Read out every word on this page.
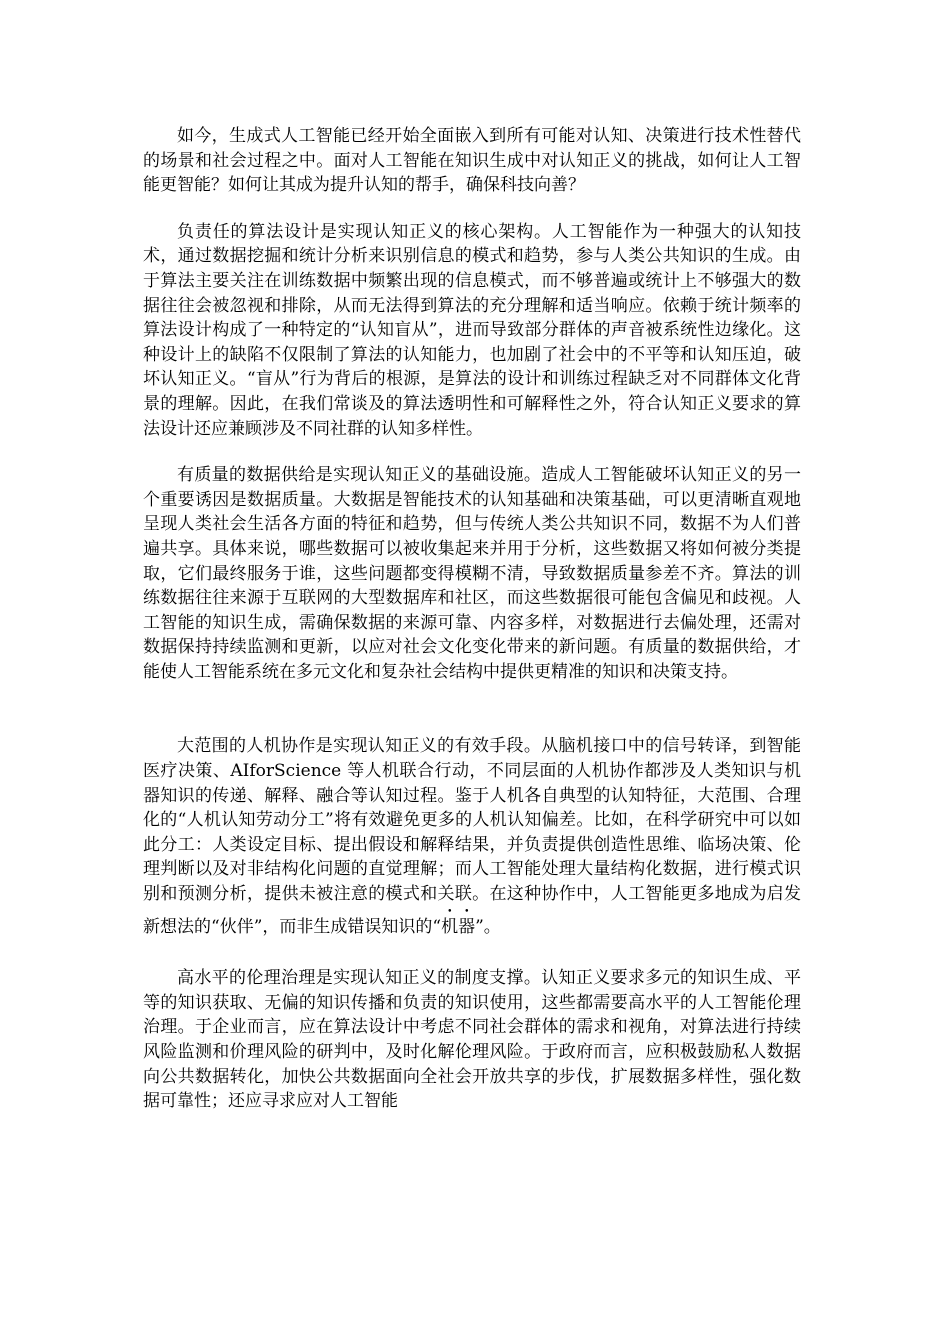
如今，生成式人工智能已经开始全面嵌入到所有可能对认知、决策进行技术性替代的场景和社会过程之中。面对人工智能在知识生成中对认知正义的挑战，如何让人工智能更智能？如何让其成为提升认知的帮手，确保科技向善？

负责任的算法设计是实现认知正义的核心架构。人工智能作为一种强大的认知技术，通过数据挖掘和统计分析来识别信息的模式和趋势，参与人类公共知识的生成。由于算法主要关注在训练数据中频繁出现的信息模式，而不够普遍或统计上不够强大的数据往往会被忽视和排除，从而无法得到算法的充分理解和适当响应。依赖于统计频率的算法设计构成了一种特定的“认知盲从”，进而导致部分群体的声音被系统性边缘化。这种设计上的缺陷不仅限制了算法的认知能力，也加剧了社会中的不平等和认知压迫，破坏认知正义。“盲从”行为背后的根源，是算法的设计和训练过程缺乏对不同群体文化背景的理解。因此，在我们常谈及的算法透明性和可解释性之外，符合认知正义要求的算法设计还应兼顾涉及不同社群的认知多样性。

有质量的数据供给是实现认知正义的基础设施。造成人工智能破坏认知正义的另一个重要诱因是数据质量。大数据是智能技术的认知基础和决策基础，可以更清晰直观地呈现人类社会生活各方面的特征和趋势，但与传统人类公共知识不同，数据不为人们普遍共享。具体来说，哪些数据可以被收集起来并用于分析，这些数据又将如何被分类提取，它们最终服务于谁，这些问题都变得模糊不清，导致数据质量参差不齐。算法的训练数据往往来源于互联网的大型数据库和社区，而这些数据很可能包含偏见和歧视。人工智能的知识生成，需确保数据的来源可靠、内容多样，对数据进行去偏处理，还需对数据保持持续监测和更新，以应对社会文化变化带来的新问题。有质量的数据供给，才能使人工智能系统在多元文化和复杂社会结构中提供更精准的知识和决策支持。

大范围的人机协作是实现认知正义的有效手段。从脑机接口中的信号转译，到智能医疗决策、AIforScience 等人机联合行动，不同层面的人机协作都涉及人类知识与机器知识的传递、解释、融合等认知过程。鉴于人机各自典型的认知特征，大范围、合理化的“人机认知劳动分工”将有效避免更多的人机认知偏差。比如，在科学研究中可以如此分工：人类设定目标、提出假设和解释结果，并负责提供创造性思维、临场决策、伦理判断以及对非结构化问题的直觉理解；而人工智能处理大量结构化数据，进行模式识别和预测分析，提供未被注意的模式和关联。在这种协作中，人工智能更多地成为启发新想法的“伙伴”，而非生成错误知识的“机器”。

高水平的伦理治理是实现认知正义的制度支撑。认知正义要求多元的知识生成、平等的知识获取、无偏的知识传播和负责的知识使用，这些都需要高水平的人工智能伦理治理。于企业而言，应在算法设计中考虑不同社会群体的需求和视角，对算法进行持续风险监测和价理风险的研判中，及时化解伦理风险。于政府而言，应积极鼓励私人数据向公共数据转化，加快公共数据面向全社会开放共享的步伐，扩展数据多样性，强化数据可靠性；还应寻求应对人工智能
